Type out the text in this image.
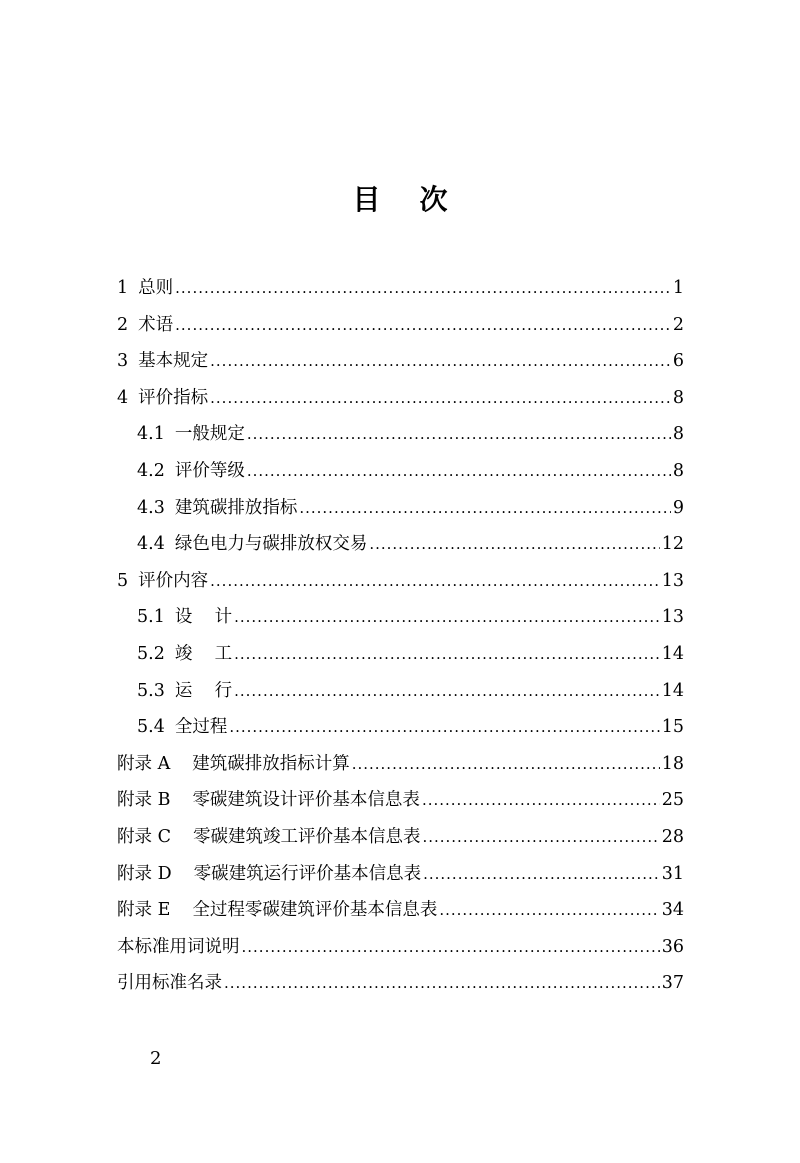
目    次
1 总则 .....	1
2 术语 .....	2
3 基本规定 .....	6
4 评价指标 .....	8
4.1 一般规定 .....	8
4.2 评价等级 .....	8
4.3 建筑碳排放指标 .....	9
4.4 绿色电力与碳排放权交易 .....	12
5 评价内容 .....	13
5.1 设    计 .....	13
5.2 竣    工 .....	14
5.3 运    行 .....	14
5.4 全过程 .....	15
附录 A 建筑碳排放指标计算 .....	18
附录 B 零碳建筑设计评价基本信息表 .....	25
附录 C 零碳建筑竣工评价基本信息表 .....	28
附录 D 零碳建筑运行评价基本信息表 .....	31
附录 E 全过程零碳建筑评价基本信息表 .....	34
本标准用词说明 .....	36
引用标准名录 .....	37
2
